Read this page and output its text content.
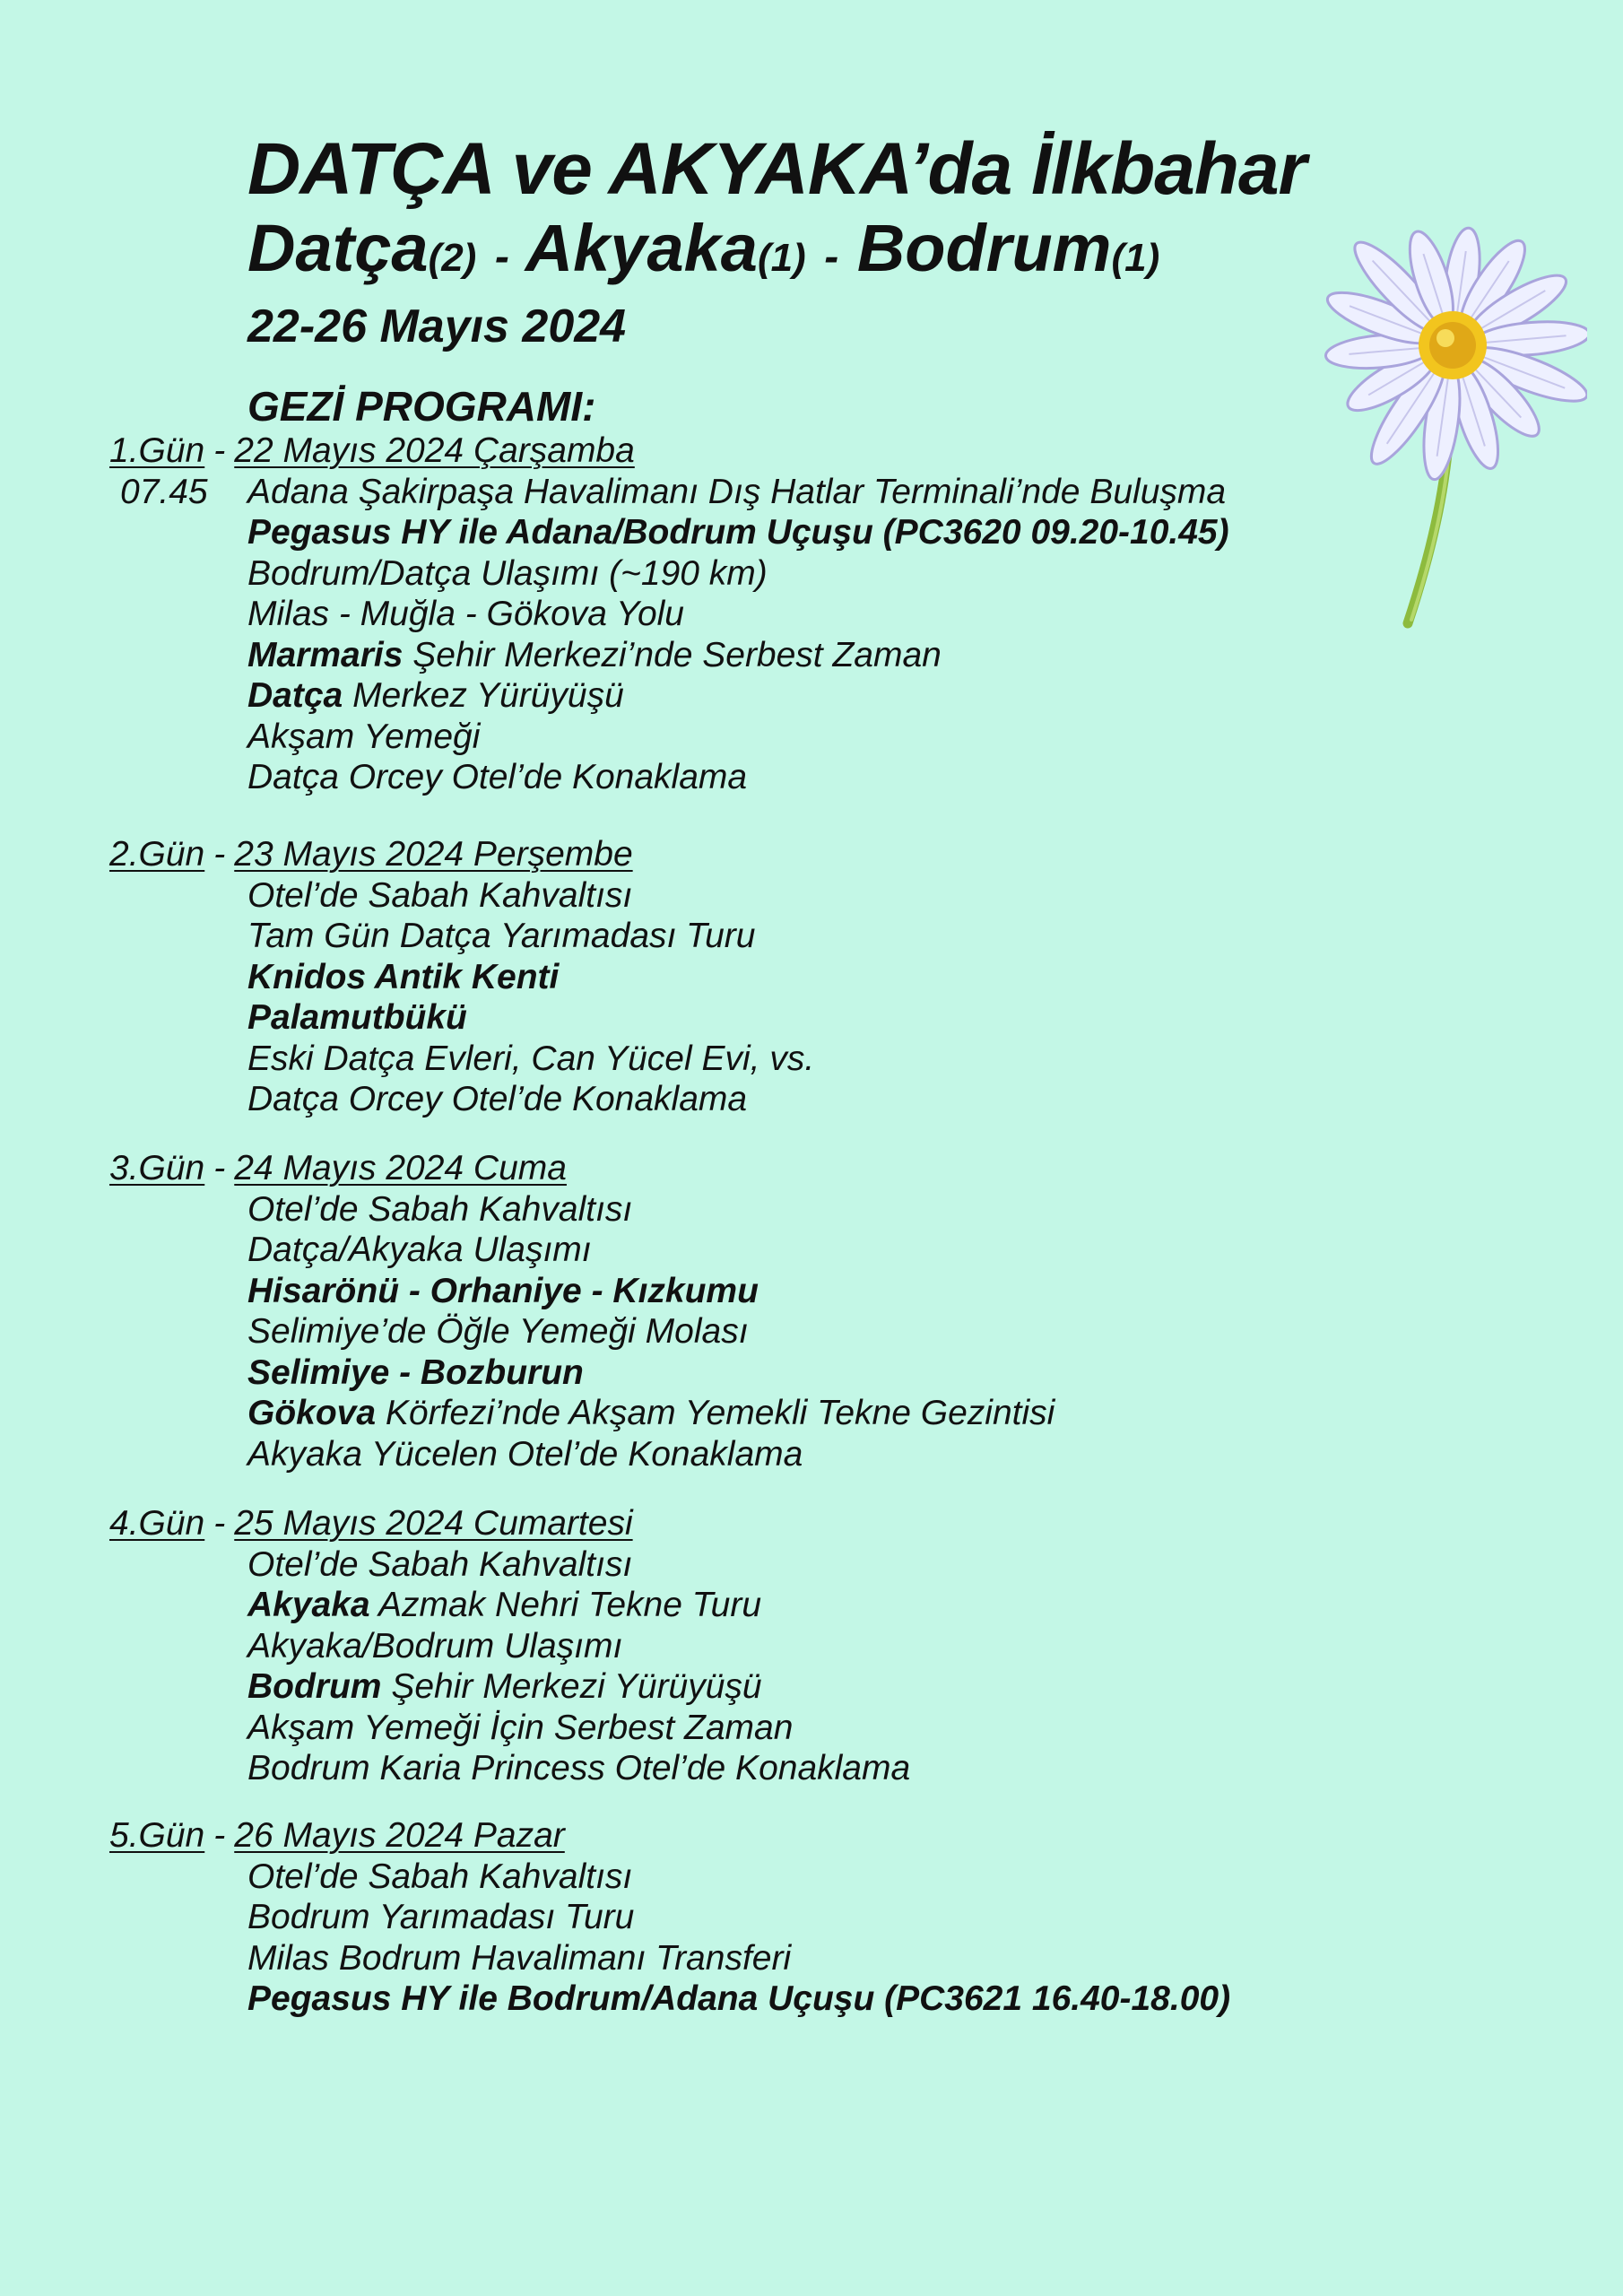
DATÇA ve AKYAKA’da İlkbahar
Datça(2) - Akyaka(1) - Bodrum(1)
22-26 Mayıs 2024
GEZİ PROGRAMI:
1.Gün - 22 Mayıs 2024 Çarşamba
07.45 Adana Şakirpaşa Havalimanı Dış Hatlar Terminali’nde Buluşma
Pegasus HY ile Adana/Bodrum Uçuşu (PC3620 09.20-10.45)
Bodrum/Datça Ulaşımı (~190 km)
Milas - Muğla - Gökova Yolu
Marmaris Şehir Merkezi’nde Serbest Zaman
Datça Merkez Yürüyüşü
Akşam Yemeği
Datça Orcey Otel’de Konaklama
2.Gün - 23 Mayıs 2024 Perşembe
Otel’de Sabah Kahvaltısı
Tam Gün Datça Yarımadası Turu
Knidos Antik Kenti
Palamutbükü
Eski Datça Evleri, Can Yücel Evi, vs.
Datça Orcey Otel’de Konaklama
3.Gün - 24 Mayıs 2024 Cuma
Otel’de Sabah Kahvaltısı
Datça/Akyaka Ulaşımı
Hisarönü - Orhaniye - Kızkumu
Selimiye’de Öğle Yemeği Molası
Selimiye - Bozburun
Gökova Körfezi’nde Akşam Yemekli Tekne Gezintisi
Akyaka Yücelen Otel’de Konaklama
4.Gün - 25 Mayıs 2024 Cumartesi
Otel’de Sabah Kahvaltısı
Akyaka Azmak Nehri Tekne Turu
Akyaka/Bodrum Ulaşımı
Bodrum Şehir Merkezi Yürüyüşü
Akşam Yemeği İçin Serbest Zaman
Bodrum Karia Princess Otel’de Konaklama
5.Gün - 26 Mayıs 2024 Pazar
Otel’de Sabah Kahvaltısı
Bodrum Yarımadası Turu
Milas Bodrum Havalimanı Transferi
Pegasus HY ile Bodrum/Adana Uçuşu (PC3621 16.40-18.00)
